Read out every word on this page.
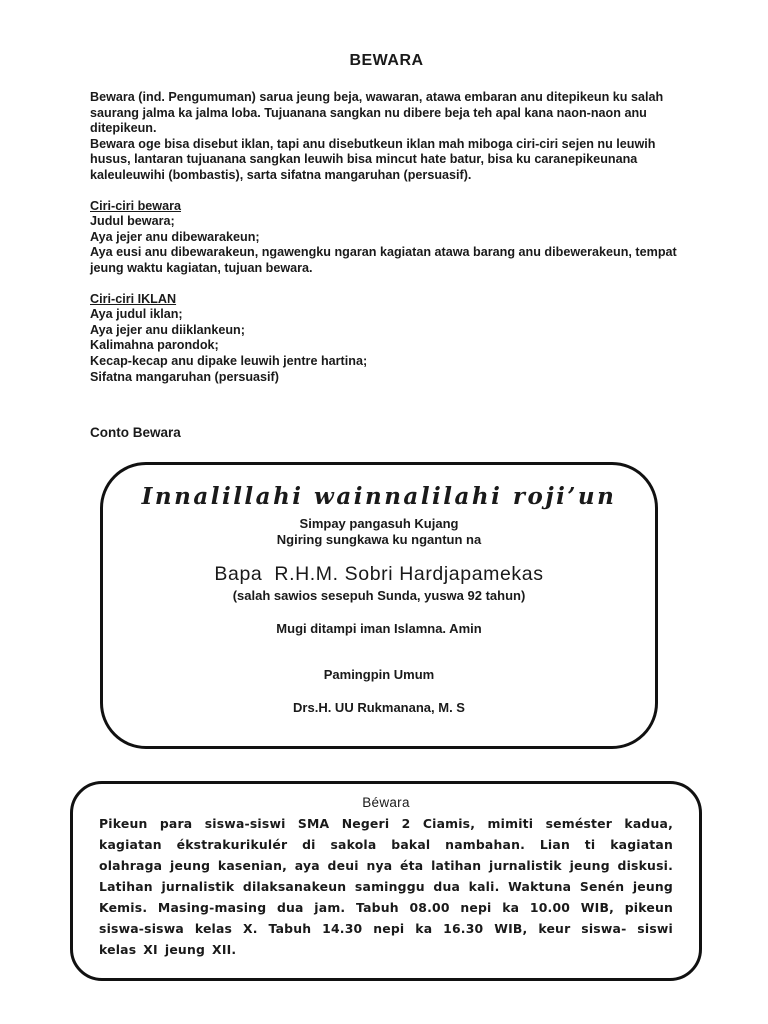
BEWARA

Bewara (ind. Pengumuman) sarua jeung beja, wawaran, atawa embaran anu ditepikeun ku salah saurang jalma ka jalma loba. Tujuanana sangkan nu dibere beja teh apal kana naon-naon anu ditepikeun.

Bewara oge bisa disebut iklan, tapi anu disebutkeun iklan mah miboga ciri-ciri sejen nu leuwih husus, lantaran tujuanana sangkan leuwih bisa mincut hate batur, bisa ku caranepikeunana kaleuleuwihi (bombastis), sarta sifatna mangaruhan (persuasif).

Ciri-ciri bewara

Judul bewara;

Aya jejer anu dibewarakeun;

Aya eusi anu dibewarakeun, ngawengku ngaran kagiatan atawa barang anu dibewerakeun, tempat jeung waktu kagiatan, tujuan bewara.

Ciri-ciri IKLAN

Aya judul iklan;

Aya jejer anu diiklankeun;

Kalimahna parondok;

Kecap-kecap anu dipake leuwih jentre hartina;

Sifatna mangaruhan (persuasif)

Conto Bewara

Innalillahi wainnalilahi roji’un

Simpay pangasuh Kujang

Ngiring sungkawa ku ngantun na

Bapa  R.H.M. Sobri Hardjapamekas

(salah sawios sesepuh Sunda, yuswa 92 tahun)

Mugi ditampi iman Islamna. Amin

Pamingpin Umum

Drs.H. UU Rukmanana, M. S

Béwara

Pikeun para siswa-siswi SMA Negeri 2 Ciamis, mimiti seméster kadua, kagiatan ékstrakurikulér di sakola bakal nambahan. Lian ti kagiatan olahraga jeung kasenian, aya deui nya éta latihan jurnalistik jeung diskusi. Latihan jurnalistik dilaksanakeun saminggu dua kali. Waktuna Senén jeung Kemis. Masing-masing dua jam. Tabuh 08.00 nepi ka 10.00 WIB, pikeun siswa-siswa kelas X. Tabuh 14.30 nepi ka 16.30 WIB, keur siswa- siswi kelas XI jeung XII.
